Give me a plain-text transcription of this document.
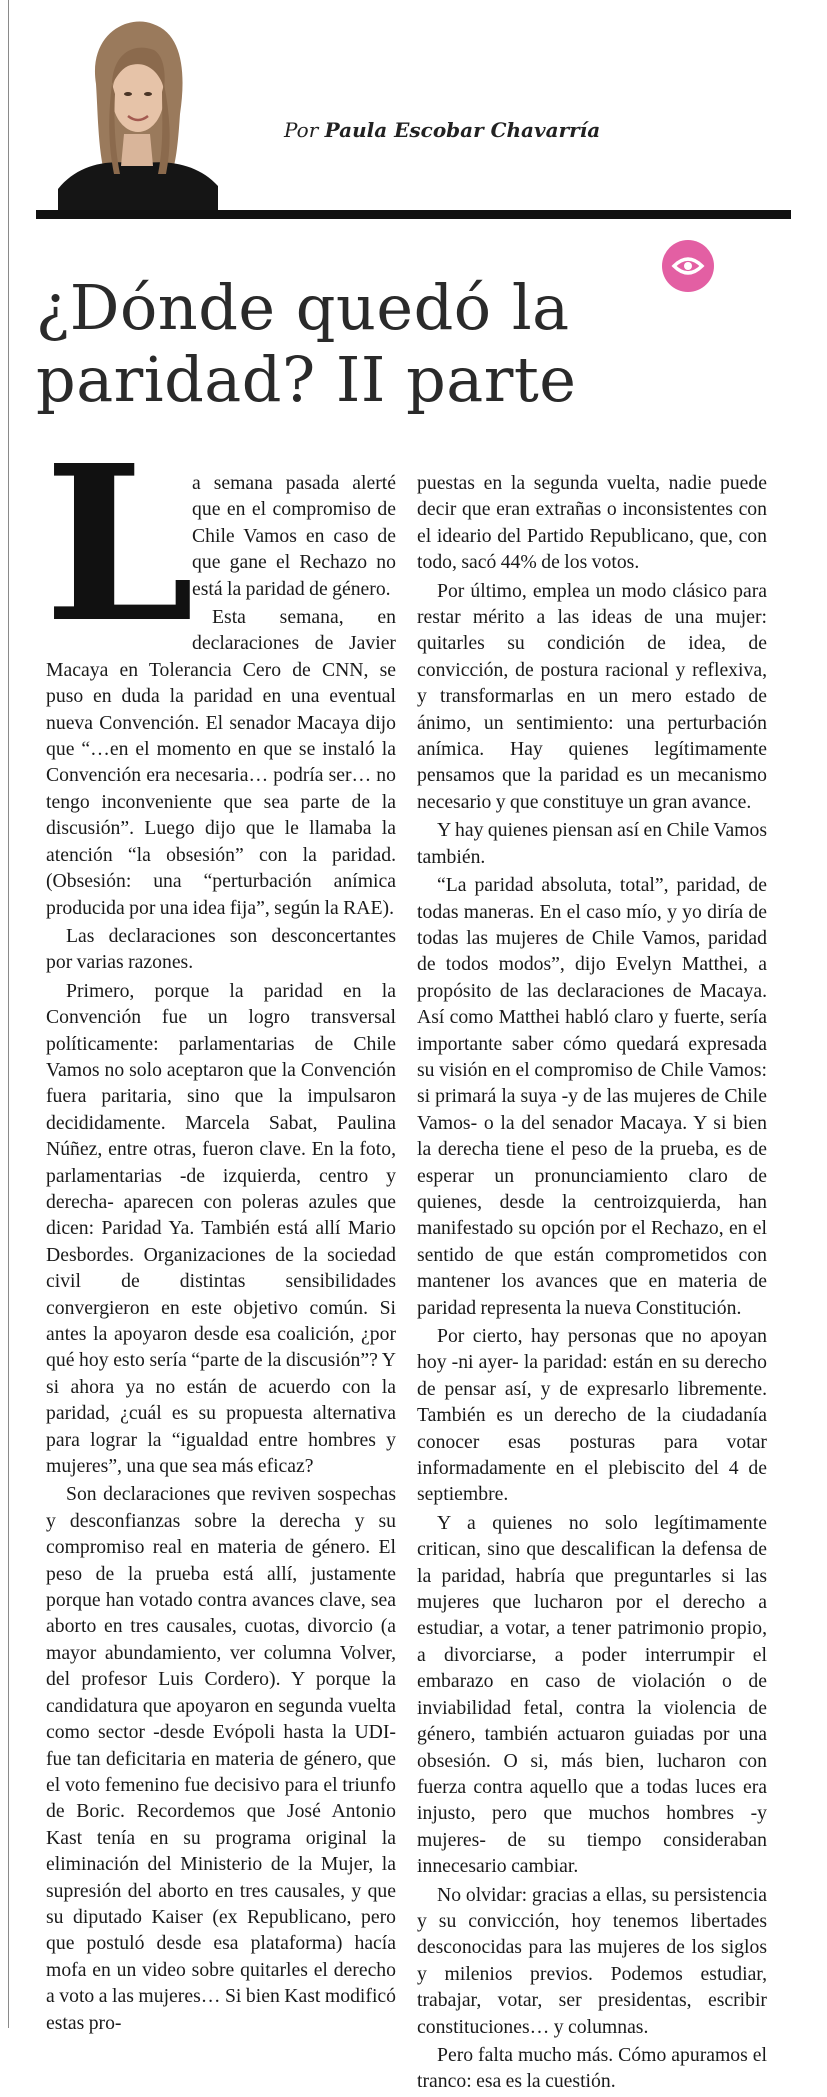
Por Paula Escobar Chavarría
¿Dónde quedó la
paridad? II parte

L
a semana pasada alerté que en el compromiso de Chile Vamos en caso de que gane el Rechazo no está la paridad de género.

Esta semana, en declaraciones de Javier Macaya en Tolerancia Cero de CNN, se puso en duda la paridad en una eventual nueva Convención. El senador Macaya dijo que “…en el momento en que se instaló la Convención era necesaria… podría ser… no tengo inconveniente que sea parte de la discusión”. Luego dijo que le llamaba la atención “la obsesión” con la paridad. (Obsesión: una “perturbación anímica producida por una idea fija”, según la RAE).

Las declaraciones son desconcertantes por varias razones.

Primero, porque la paridad en la Convención fue un logro transversal políticamente: parlamentarias de Chile Vamos no solo aceptaron que la Convención fuera paritaria, sino que la impulsaron decididamente. Marcela Sabat, Paulina Núñez, entre otras, fueron clave. En la foto, parlamentarias -de izquierda, centro y derecha- aparecen con poleras azules que dicen: Paridad Ya. También está allí Mario Desbordes. Organizaciones de la sociedad civil de distintas sensibilidades convergieron en este objetivo común. Si antes la apoyaron desde esa coalición, ¿por qué hoy esto sería “parte de la discusión”? Y si ahora ya no están de acuerdo con la paridad, ¿cuál es su propuesta alternativa para lograr la “igualdad entre hombres y mujeres”, una que sea más eficaz?

Son declaraciones que reviven sospechas y desconfianzas sobre la derecha y su compromiso real en materia de género. El peso de la prueba está allí, justamente porque han votado contra avances clave, sea aborto en tres causales, cuotas, divorcio (a mayor abundamiento, ver columna Volver, del profesor Luis Cordero). Y porque la candidatura que apoyaron en segunda vuelta como sector -desde Evópoli hasta la UDI- fue tan deficitaria en materia de género, que el voto femenino fue decisivo para el triunfo de Boric. Recordemos que José Antonio Kast tenía en su programa original la eliminación del Ministerio de la Mujer, la supresión del aborto en tres causales, y que su diputado Kaiser (ex Republicano, pero que postuló desde esa plataforma) hacía mofa en un video sobre quitarles el derecho a voto a las mujeres… Si bien Kast modificó estas pro-

puestas en la segunda vuelta, nadie puede decir que eran extrañas o inconsistentes con el ideario del Partido Republicano, que, con todo, sacó 44% de los votos.

Por último, emplea un modo clásico para restar mérito a las ideas de una mujer: quitarles su condición de idea, de convicción, de postura racional y reflexiva, y transformarlas en un mero estado de ánimo, un sentimiento: una perturbación anímica. Hay quienes legítimamente pensamos que la paridad es un mecanismo necesario y que constituye un gran avance.

Y hay quienes piensan así en Chile Vamos también.

“La paridad absoluta, total”, paridad, de todas maneras. En el caso mío, y yo diría de todas las mujeres de Chile Vamos, paridad de todos modos”, dijo Evelyn Matthei, a propósito de las declaraciones de Macaya. Así como Matthei habló claro y fuerte, sería importante saber cómo quedará expresada su visión en el compromiso de Chile Vamos: si primará la suya -y de las mujeres de Chile Vamos- o la del senador Macaya. Y si bien la derecha tiene el peso de la prueba, es de esperar un pronunciamiento claro de quienes, desde la centroizquierda, han manifestado su opción por el Rechazo, en el sentido de que están comprometidos con mantener los avances que en materia de paridad representa la nueva Constitución.

Por cierto, hay personas que no apoyan hoy -ni ayer- la paridad: están en su derecho de pensar así, y de expresarlo libremente. También es un derecho de la ciudadanía conocer esas posturas para votar informadamente en el plebiscito del 4 de septiembre.

Y a quienes no solo legítimamente critican, sino que descalifican la defensa de la paridad, habría que preguntarles si las mujeres que lucharon por el derecho a estudiar, a votar, a tener patrimonio propio, a divorciarse, a poder interrumpir el embarazo en caso de violación o de inviabilidad fetal, contra la violencia de género, también actuaron guiadas por una obsesión. O si, más bien, lucharon con fuerza contra aquello que a todas luces era injusto, pero que muchos hombres -y mujeres- de su tiempo consideraban innecesario cambiar.

No olvidar: gracias a ellas, su persistencia y su convicción, hoy tenemos libertades desconocidas para las mujeres de los siglos y milenios previos. Podemos estudiar, trabajar, votar, ser presidentas, escribir constituciones… y columnas.

Pero falta mucho más. Cómo apuramos el tranco: esa es la cuestión.
